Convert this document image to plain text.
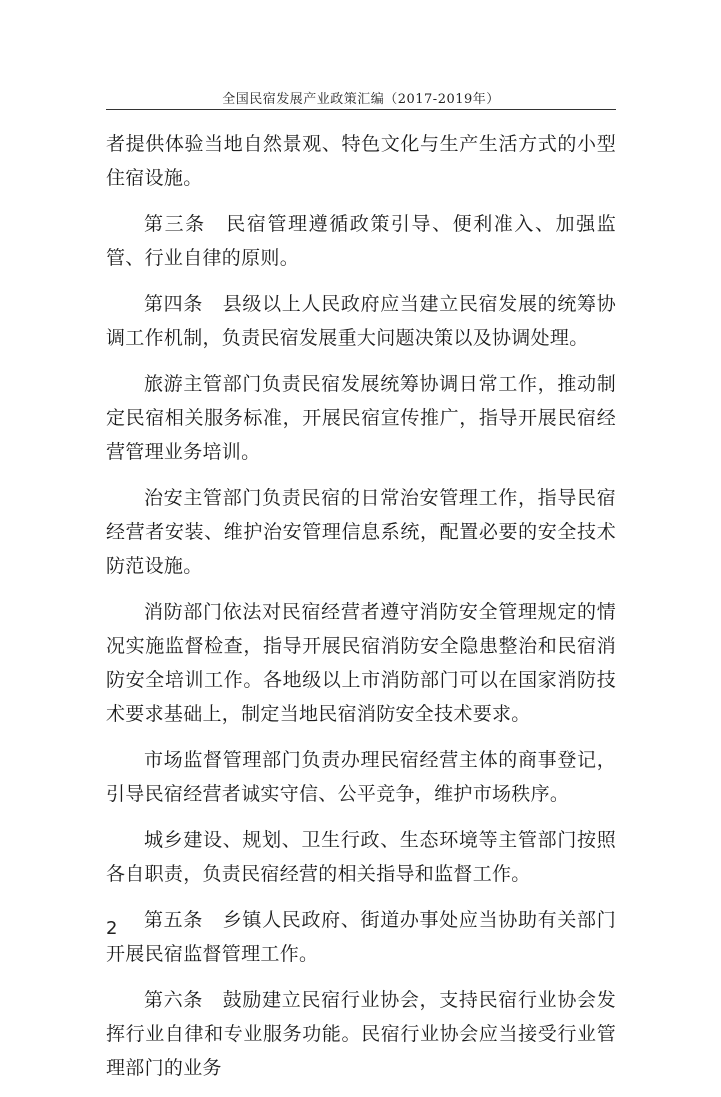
全国民宿发展产业政策汇编（2017-2019年）

者提供体验当地自然景观、特色文化与生产生活方式的小型住宿设施。

第三条　民宿管理遵循政策引导、便利准入、加强监管、行业自律的原则。

第四条　县级以上人民政府应当建立民宿发展的统筹协调工作机制，负责民宿发展重大问题决策以及协调处理。

旅游主管部门负责民宿发展统筹协调日常工作，推动制定民宿相关服务标准，开展民宿宣传推广，指导开展民宿经营管理业务培训。

治安主管部门负责民宿的日常治安管理工作，指导民宿经营者安装、维护治安管理信息系统，配置必要的安全技术防范设施。

消防部门依法对民宿经营者遵守消防安全管理规定的情况实施监督检查，指导开展民宿消防安全隐患整治和民宿消防安全培训工作。各地级以上市消防部门可以在国家消防技术要求基础上，制定当地民宿消防安全技术要求。

市场监督管理部门负责办理民宿经营主体的商事登记，引导民宿经营者诚实守信、公平竞争，维护市场秩序。

城乡建设、规划、卫生行政、生态环境等主管部门按照各自职责，负责民宿经营的相关指导和监督工作。

第五条　乡镇人民政府、街道办事处应当协助有关部门开展民宿监督管理工作。

第六条　鼓励建立民宿行业协会，支持民宿行业协会发挥行业自律和专业服务功能。民宿行业协会应当接受行业管理部门的业务

2
